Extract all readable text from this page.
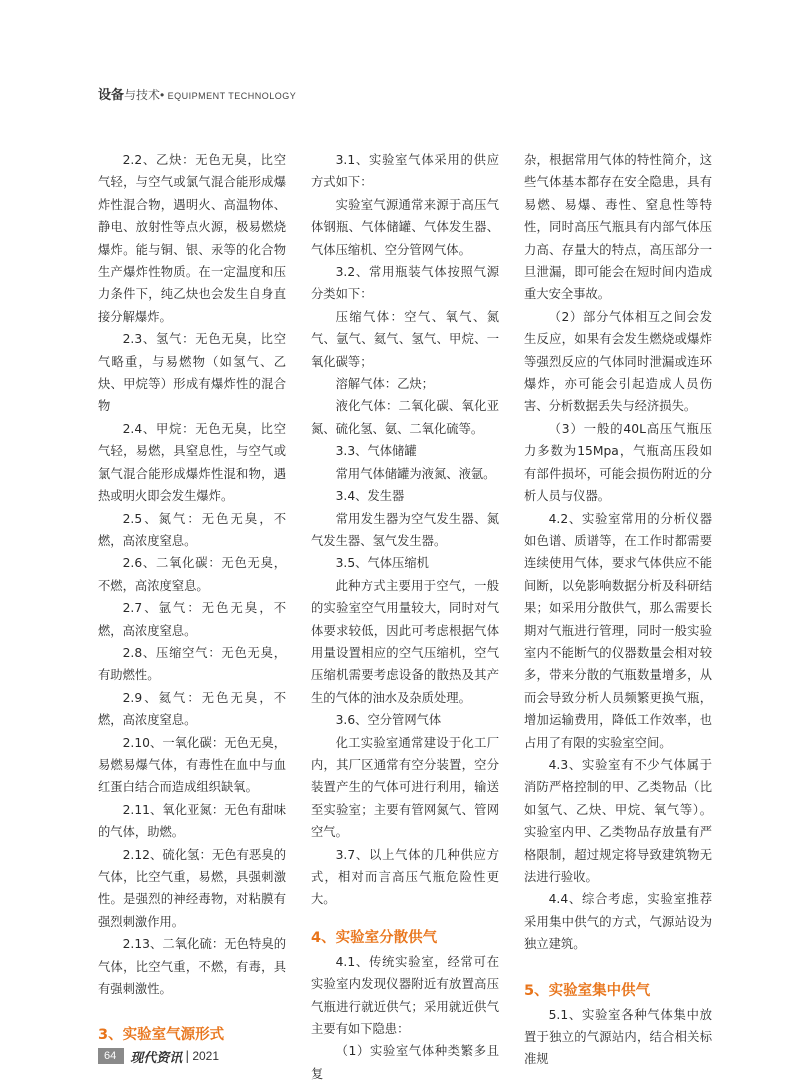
设备与技术• EQUIPMENT TECHNOLOGY

2.2、乙炔：无色无臭，比空气轻，与空气或氯气混合能形成爆炸性混合物，遇明火、高温物体、静电、放射性等点火源，极易燃烧爆炸。能与铜、银、汞等的化合物生产爆炸性物质。在一定温度和压力条件下，纯乙炔也会发生自身直接分解爆炸。

2.3、氢气：无色无臭，比空气略重，与易燃物（如氢气、乙炔、甲烷等）形成有爆炸性的混合物

2.4、甲烷：无色无臭，比空气轻，易燃，具窒息性，与空气或氯气混合能形成爆炸性混和物，遇热或明火即会发生爆炸。

2.5、氮气：无色无臭，不燃，高浓度窒息。

2.6、二氧化碳：无色无臭，不燃，高浓度窒息。

2.7、氩气：无色无臭，不燃，高浓度窒息。

2.8、压缩空气：无色无臭，有助燃性。

2.9、氦气：无色无臭，不燃，高浓度窒息。

2.10、一氧化碳：无色无臭，易燃易爆气体，有毒性在血中与血红蛋白结合而造成组织缺氧。

2.11、氧化亚氮：无色有甜味的气体，助燃。

2.12、硫化氢：无色有恶臭的气体，比空气重，易燃，具强刺激性。是强烈的神经毒物，对粘膜有强烈刺激作用。

2.13、二氧化硫：无色特臭的气体，比空气重，不燃，有毒，具有强刺激性。

3、实验室气源形式

3.1、实验室气体采用的供应方式如下：

实验室气源通常来源于高压气体钢瓶、气体储罐、气体发生器、气体压缩机、空分管网气体。

3.2、常用瓶装气体按照气源分类如下：

压缩气体：空气、氧气、氮气、氩气、氦气、氢气、甲烷、一氧化碳等；

溶解气体：乙炔；

液化气体：二氧化碳、氧化亚氮、硫化氢、氨、二氧化硫等。

3.3、气体储罐

常用气体储罐为液氮、液氩。

3.4、发生器

常用发生器为空气发生器、氮气发生器、氢气发生器。

3.5、气体压缩机

此种方式主要用于空气，一般的实验室空气用量较大，同时对气体要求较低，因此可考虑根据气体用量设置相应的空气压缩机，空气压缩机需要考虑设备的散热及其产生的气体的油水及杂质处理。

3.6、空分管网气体

化工实验室通常建设于化工厂内，其厂区通常有空分装置，空分装置产生的气体可进行利用，输送至实验室；主要有管网氮气、管网空气。

3.7、以上气体的几种供应方式，相对而言高压气瓶危险性更大。

4、实验室分散供气

4.1、传统实验室，经常可在实验室内发现仪器附近有放置高压气瓶进行就近供气；采用就近供气主要有如下隐患：

（1）实验室气体种类繁多且复

杂，根据常用气体的特性简介，这些气体基本都存在安全隐患，具有易燃、易爆、毒性、窒息性等特性，同时高压气瓶具有内部气体压力高、存量大的特点，高压部分一旦泄漏，即可能会在短时间内造成重大安全事故。

（2）部分气体相互之间会发生反应，如果有会发生燃烧或爆炸等强烈反应的气体同时泄漏或连环爆炸，亦可能会引起造成人员伤害、分析数据丢失与经济损失。

（3）一般的40L高压气瓶压力多数为15Mpa，气瓶高压段如有部件损坏，可能会损伤附近的分析人员与仪器。

4.2、实验室常用的分析仪器如色谱、质谱等，在工作时都需要连续使用气体，要求气体供应不能间断，以免影响数据分析及科研结果；如采用分散供气，那么需要长期对气瓶进行管理，同时一般实验室内不能断气的仪器数量会相对较多，带来分散的气瓶数量增多，从而会导致分析人员频繁更换气瓶，增加运输费用，降低工作效率，也占用了有限的实验室空间。

4.3、实验室有不少气体属于消防严格控制的甲、乙类物品（比如氢气、乙炔、甲烷、氧气等）。实验室内甲、乙类物品存放量有严格限制，超过规定将导致建筑物无法进行验收。

4.4、综合考虑，实验室推荐采用集中供气的方式，气源站设为独立建筑。

5、实验室集中供气

5.1、实验室各种气体集中放置于独立的气源站内，结合相关标准规

64	现代资讯 | 2021
